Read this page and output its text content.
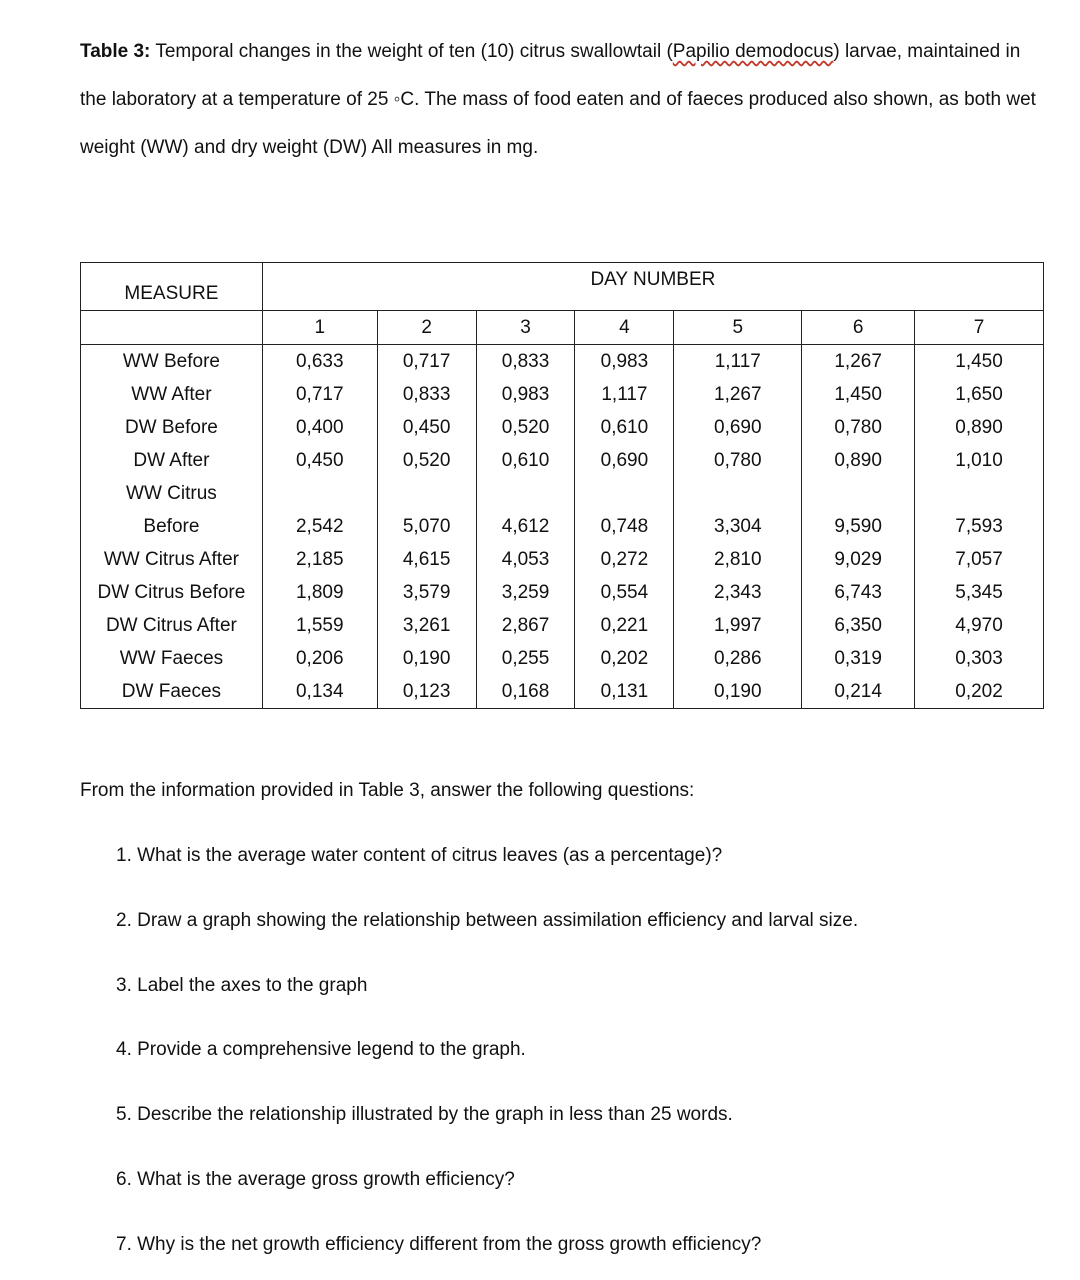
Table 3: Temporal changes in the weight of ten (10) citrus swallowtail (Papilio demodocus) larvae, maintained in the laboratory at a temperature of 25 ◦C. The mass of food eaten and of faeces produced also shown, as both wet weight (WW) and dry weight (DW) All measures in mg.
MEASURE	DAY NUMBER						
	1	2	3	4	5	6	7
WW Before	0,633	0,717	0,833	0,983	1,117	1,267	1,450
WW After	0,717	0,833	0,983	1,117	1,267	1,450	1,650
DW Before	0,400	0,450	0,520	0,610	0,690	0,780	0,890
DW After	0,450	0,520	0,610	0,690	0,780	0,890	1,010
WW Citrus							
Before	2,542	5,070	4,612	0,748	3,304	9,590	7,593
WW Citrus After	2,185	4,615	4,053	0,272	2,810	9,029	7,057
DW Citrus Before	1,809	3,579	3,259	0,554	2,343	6,743	5,345
DW Citrus After	1,559	3,261	2,867	0,221	1,997	6,350	4,970
WW Faeces	0,206	0,190	0,255	0,202	0,286	0,319	0,303
DW Faeces	0,134	0,123	0,168	0,131	0,190	0,214	0,202
From the information provided in Table 3, answer the following questions:
1. What is the average water content of citrus leaves (as a percentage)?
2. Draw a graph showing the relationship between assimilation efficiency and larval size.
3. Label the axes to the graph
4. Provide a comprehensive legend to the graph.
5. Describe the relationship illustrated by the graph in less than 25 words.
6. What is the average gross growth efficiency?
7. Why is the net growth efficiency different from the gross growth efficiency?
